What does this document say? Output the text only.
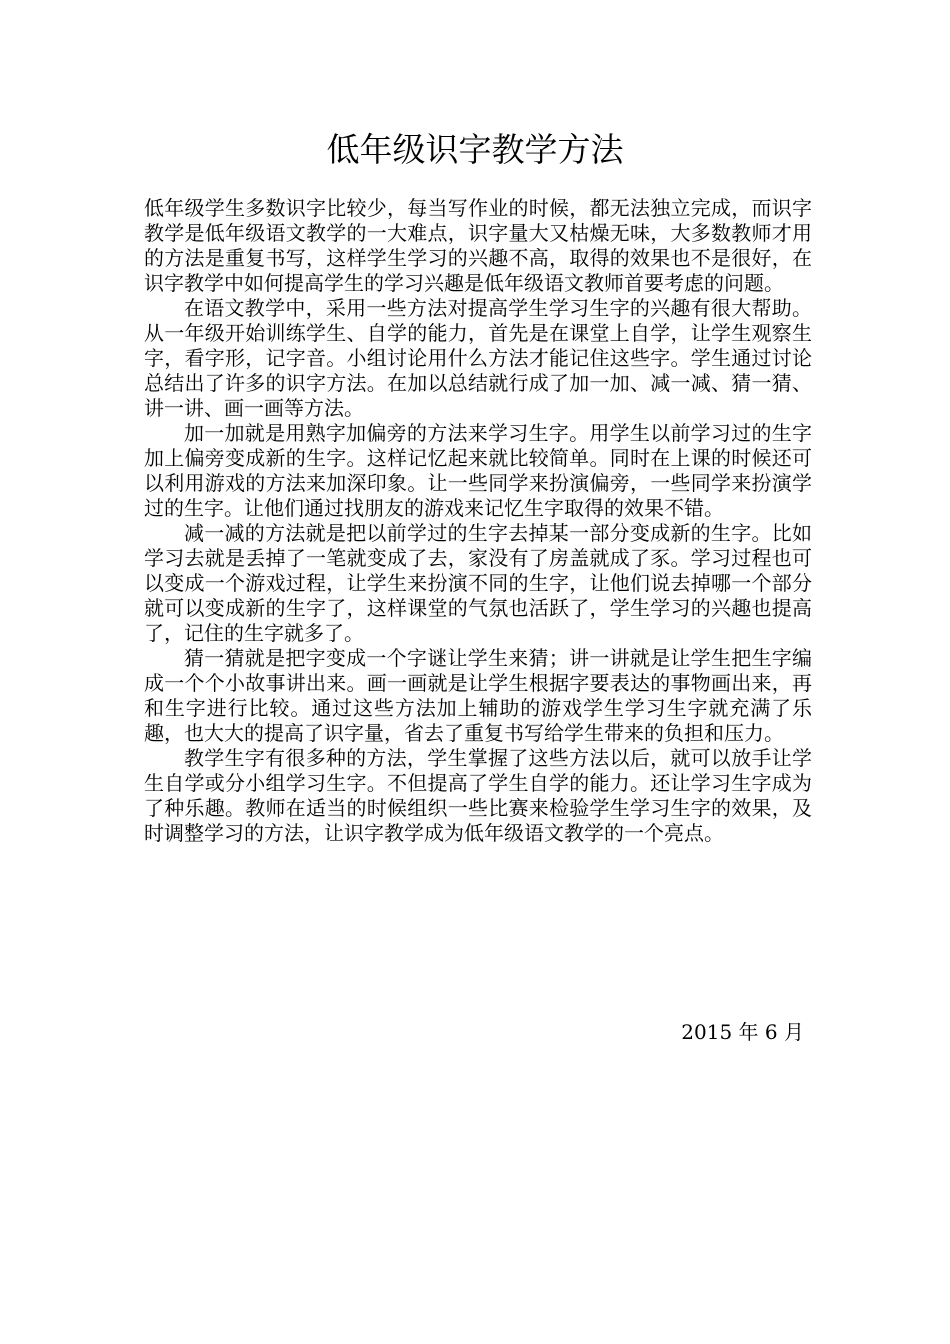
低年级识字教学方法

低年级学生多数识字比较少，每当写作业的时候，都无法独立完成，而识字教学是低年级语文教学的一大难点，识字量大又枯燥无味，大多数教师才用的方法是重复书写，这样学生学习的兴趣不高，取得的效果也不是很好，在识字教学中如何提高学生的学习兴趣是低年级语文教师首要考虑的问题。

在语文教学中，采用一些方法对提高学生学习生字的兴趣有很大帮助。从一年级开始训练学生、自学的能力，首先是在课堂上自学，让学生观察生字，看字形，记字音。小组讨论用什么方法才能记住这些字。学生通过讨论总结出了许多的识字方法。在加以总结就行成了加一加、减一减、猜一猜、讲一讲、画一画等方法。

加一加就是用熟字加偏旁的方法来学习生字。用学生以前学习过的生字加上偏旁变成新的生字。这样记忆起来就比较简单。同时在上课的时候还可以利用游戏的方法来加深印象。让一些同学来扮演偏旁，一些同学来扮演学过的生字。让他们通过找朋友的游戏来记忆生字取得的效果不错。

减一减的方法就是把以前学过的生字去掉某一部分变成新的生字。比如学习去就是丢掉了一笔就变成了去，家没有了房盖就成了豕。学习过程也可以变成一个游戏过程，让学生来扮演不同的生字，让他们说去掉哪一个部分就可以变成新的生字了，这样课堂的气氛也活跃了，学生学习的兴趣也提高了，记住的生字就多了。

猜一猜就是把字变成一个字谜让学生来猜；讲一讲就是让学生把生字编成一个个小故事讲出来。画一画就是让学生根据字要表达的事物画出来，再和生字进行比较。通过这些方法加上辅助的游戏学生学习生字就充满了乐趣，也大大的提高了识字量，省去了重复书写给学生带来的负担和压力。

教学生字有很多种的方法，学生掌握了这些方法以后，就可以放手让学生自学或分小组学习生字。不但提高了学生自学的能力。还让学习生字成为了种乐趣。教师在适当的时候组织一些比赛来检验学生学习生字的效果，及时调整学习的方法，让识字教学成为低年级语文教学的一个亮点。

2015 年 6 月
